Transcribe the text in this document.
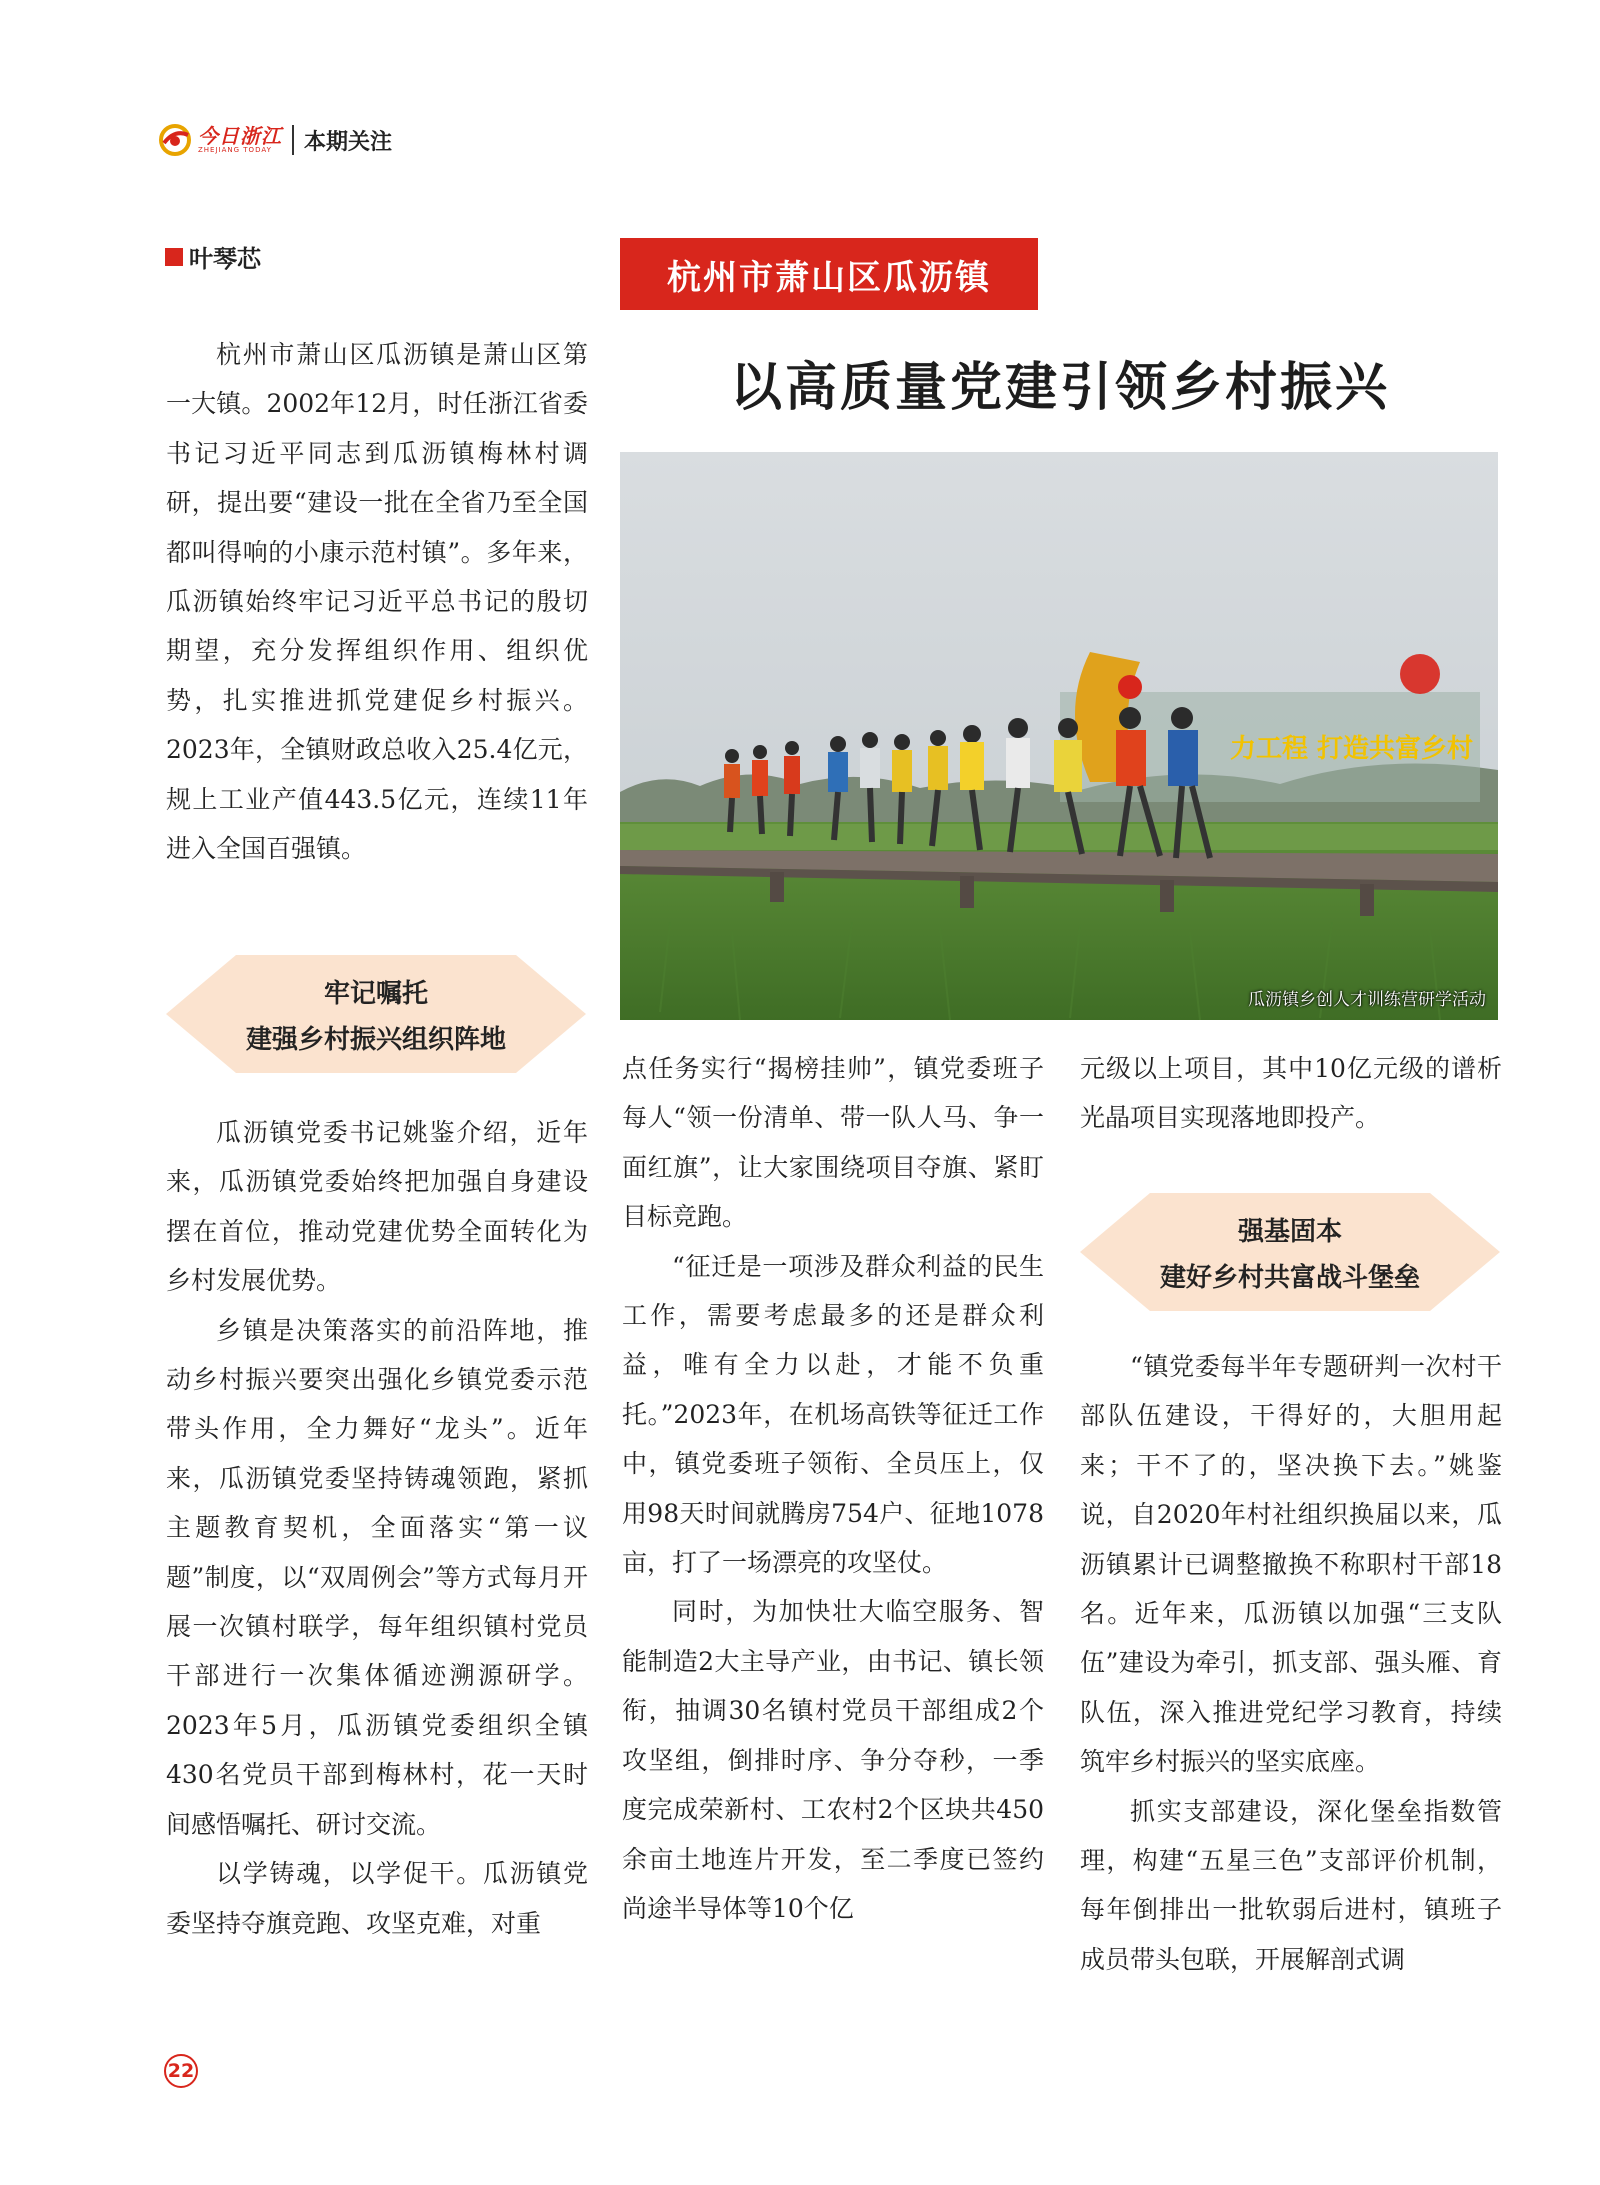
今日浙江
ZHEJIANG TODAY	本期关注
叶琴芯	杭州市萧山区瓜沥镇
以高质量党建引领乡村振兴
力工程 打造共富乡村
瓜沥镇乡创人才训练营研学活动

杭州市萧山区瓜沥镇是萧山区第一大镇。2002年12月，时任浙江省委书记习近平同志到瓜沥镇梅林村调研，提出要“建设一批在全省乃至全国都叫得响的小康示范村镇”。多年来，瓜沥镇始终牢记习近平总书记的殷切期望，充分发挥组织作用、组织优势，扎实推进抓党建促乡村振兴。2023年，全镇财政总收入25.4亿元，规上工业产值443.5亿元，连续11年进入全国百强镇。

牢记嘱托
建强乡村振兴组织阵地

瓜沥镇党委书记姚鉴介绍，近年来，瓜沥镇党委始终把加强自身建设摆在首位，推动党建优势全面转化为乡村发展优势。

乡镇是决策落实的前沿阵地，推动乡村振兴要突出强化乡镇党委示范带头作用，全力舞好“龙头”。近年来，瓜沥镇党委坚持铸魂领跑，紧抓主题教育契机，全面落实“第一议题”制度，以“双周例会”等方式每月开展一次镇村联学，每年组织镇村党员干部进行一次集体循迹溯源研学。2023年5月，瓜沥镇党委组织全镇430名党员干部到梅林村，花一天时间感悟嘱托、研讨交流。

以学铸魂，以学促干。瓜沥镇党委坚持夺旗竞跑、攻坚克难，对重

点任务实行“揭榜挂帅”，镇党委班子每人“领一份清单、带一队人马、争一面红旗”，让大家围绕项目夺旗、紧盯目标竞跑。

“征迁是一项涉及群众利益的民生工作，需要考虑最多的还是群众利益，唯有全力以赴，才能不负重托。”2023年，在机场高铁等征迁工作中，镇党委班子领衔、全员压上，仅用98天时间就腾房754户、征地1078亩，打了一场漂亮的攻坚仗。

同时，为加快壮大临空服务、智能制造2大主导产业，由书记、镇长领衔，抽调30名镇村党员干部组成2个攻坚组，倒排时序、争分夺秒，一季度完成荣新村、工农村2个区块共450余亩土地连片开发，至二季度已签约尚途半导体等10个亿

元级以上项目，其中10亿元级的谱析光晶项目实现落地即投产。

强基固本
建好乡村共富战斗堡垒

“镇党委每半年专题研判一次村干部队伍建设，干得好的，大胆用起来；干不了的，坚决换下去。”姚鉴说，自2020年村社组织换届以来，瓜沥镇累计已调整撤换不称职村干部18名。近年来，瓜沥镇以加强“三支队伍”建设为牵引，抓支部、强头雁、育队伍，深入推进党纪学习教育，持续筑牢乡村振兴的坚实底座。

抓实支部建设，深化堡垒指数管理，构建“五星三色”支部评价机制，每年倒排出一批软弱后进村，镇班子成员带头包联，开展解剖式调

22
